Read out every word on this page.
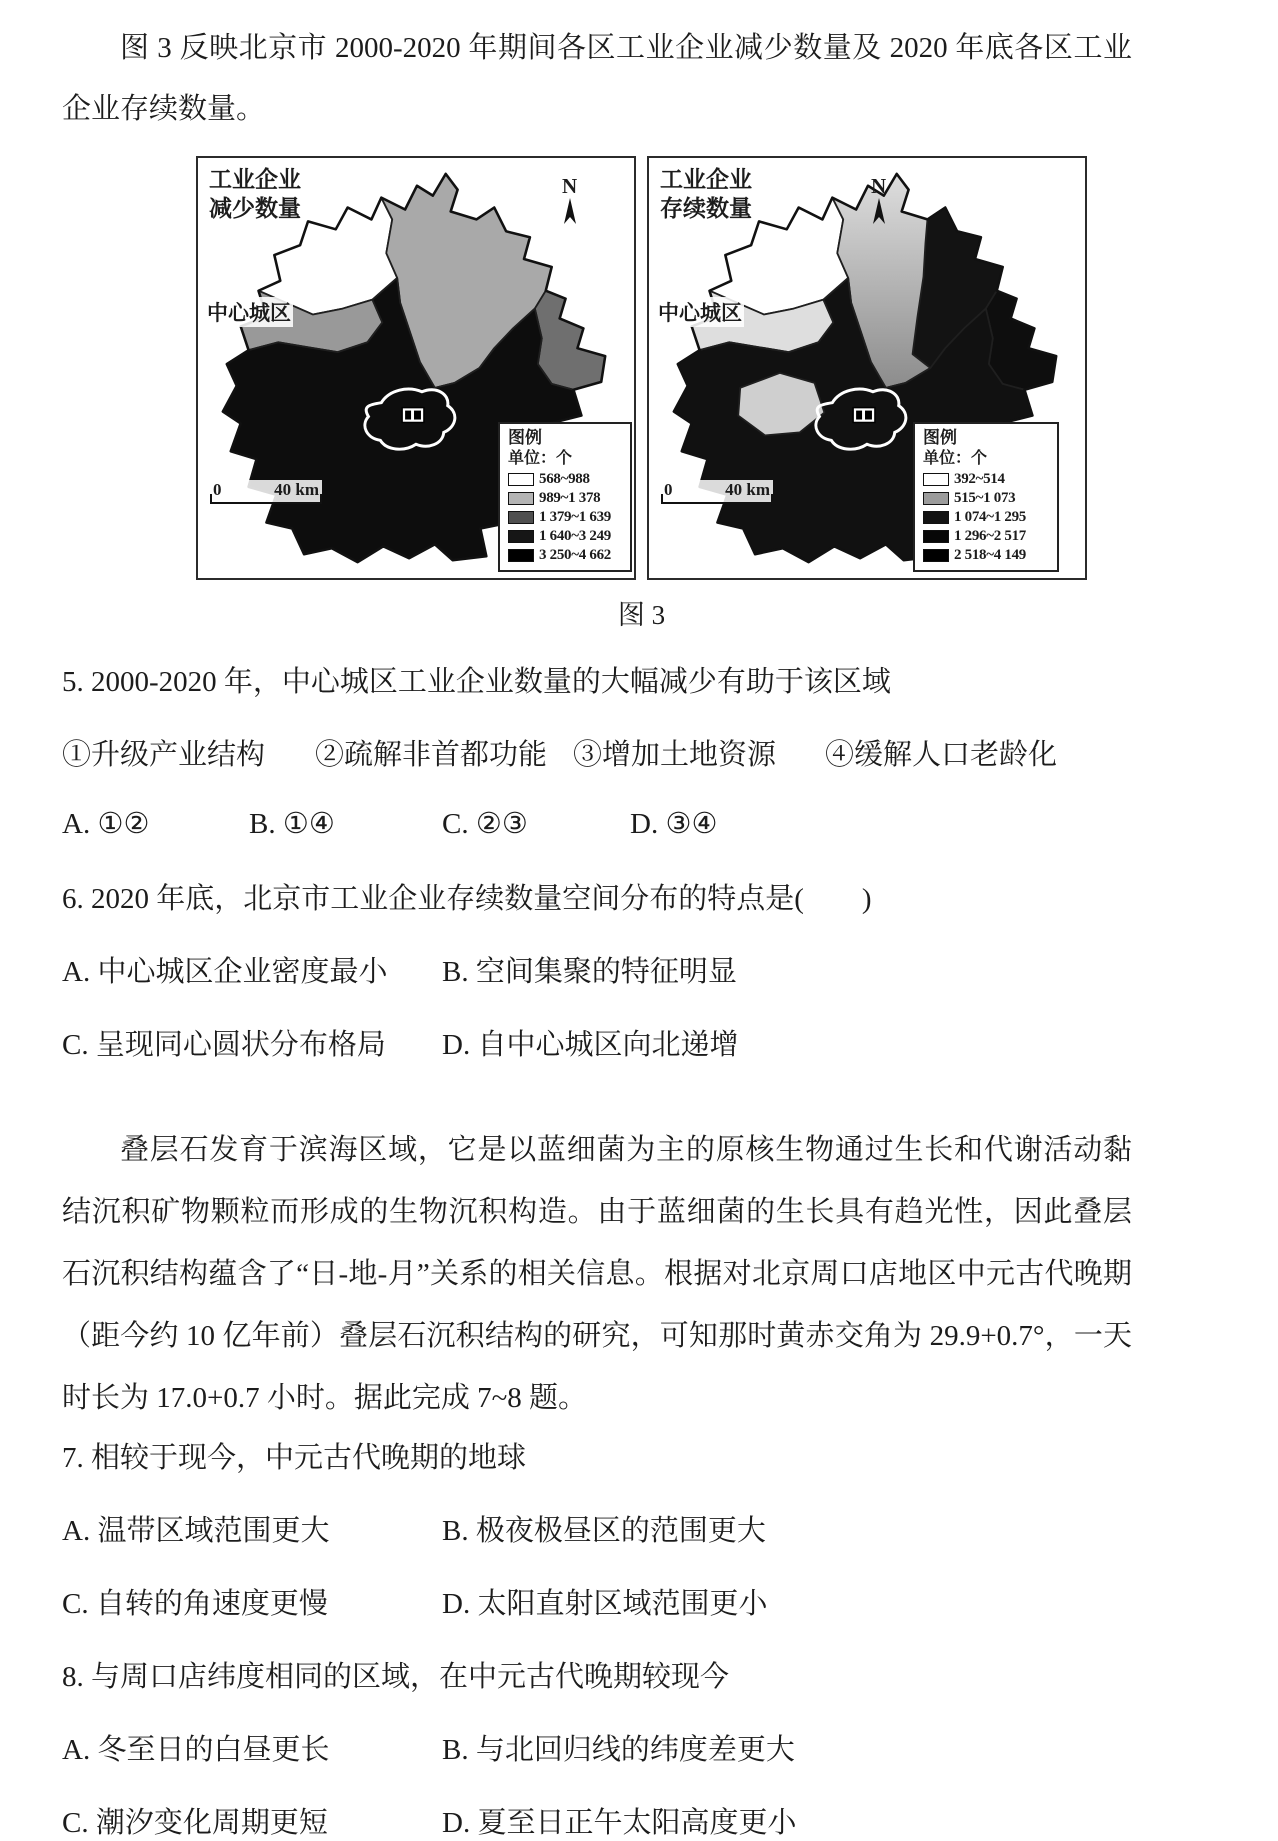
图 3 反映北京市 2000-2020 年期间各区工业企业减少数量及 2020 年底各区工业企业存续数量。

工业企业
减少数量
N
中心城区
0	40 km
图例
单位：个
568~988
989~1 378
1 379~1 639
1 640~3 249
3 250~4 662
工业企业
存续数量
N
中心城区
0	40 km
图例
单位：个
392~514
515~1 073
1 074~1 295
1 296~2 517
2 518~4 149
图 3

5. 2000-2020 年，中心城区工业企业数量的大幅减少有助于该区域

①升级产业结构	②疏解非首都功能 ③增加土地资源	④缓解人口老龄化
A. ①②	B. ①④	C. ②③	D. ③④

6. 2020 年底，北京市工业企业存续数量空间分布的特点是(　　)

A. 中心城区企业密度最小	B. 空间集聚的特征明显
C. 呈现同心圆状分布格局	D. 自中心城区向北递增

叠层石发育于滨海区域，它是以蓝细菌为主的原核生物通过生长和代谢活动黏结沉积矿物颗粒而形成的生物沉积构造。由于蓝细菌的生长具有趋光性，因此叠层石沉积结构蕴含了“日-地-月”关系的相关信息。根据对北京周口店地区中元古代晚期（距今约 10 亿年前）叠层石沉积结构的研究，可知那时黄赤交角为 29.9+0.7°，一天时长为 17.0+0.7 小时。据此完成 7~8 题。

7. 相较于现今，中元古代晚期的地球

A. 温带区域范围更大	B. 极夜极昼区的范围更大
C. 自转的角速度更慢	D. 太阳直射区域范围更小

8. 与周口店纬度相同的区域，在中元古代晚期较现今

A. 冬至日的白昼更长	B. 与北回归线的纬度差更大
C. 潮汐变化周期更短	D. 夏至日正午太阳高度更小
